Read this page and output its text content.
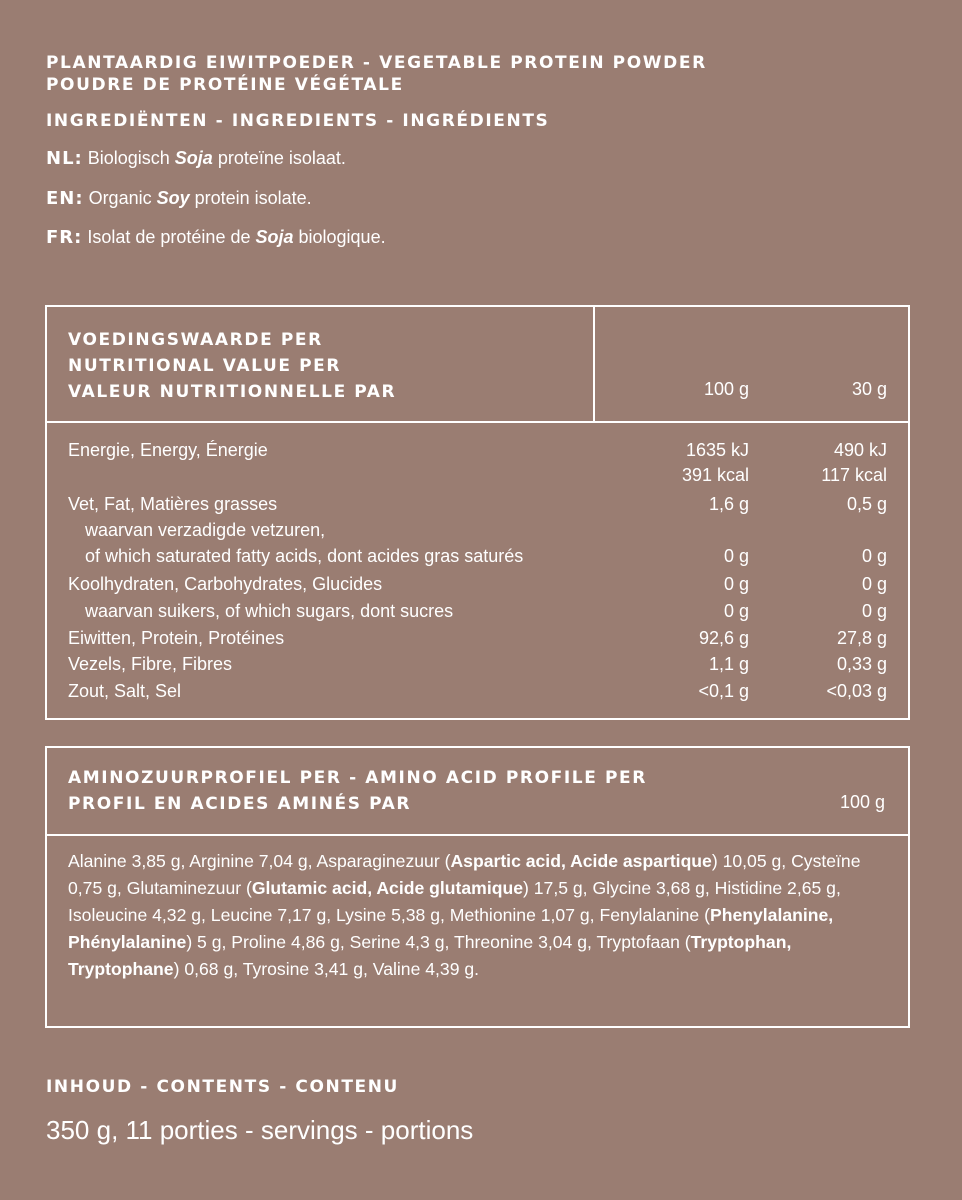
PLANTAARDIG EIWITPOEDER - VEGETABLE PROTEIN POWDER
POUDRE DE PROTÉINE VÉGÉTALE
INGREDIËNTEN - INGREDIENTS - INGRÉDIENTS
NL: Biologisch Soja proteïne isolaat.
EN: Organic Soy protein isolate.
FR: Isolat de protéine de Soja biologique.
VOEDINGSWAARDE PER
NUTRITIONAL VALUE PER
VALEUR NUTRITIONNELLE PAR	100 g	30 g
Energie, Energy, Énergie	1635 kJ	490 kJ
391 kcal	117 kcal
Vet, Fat, Matières grasses	1,6 g	0,5 g
waarvan verzadigde vetzuren,
of which saturated fatty acids, dont acides gras saturés	0 g	0 g
Koolhydraten, Carbohydrates, Glucides	0 g	0 g
waarvan suikers, of which sugars, dont sucres	0 g	0 g
Eiwitten, Protein, Protéines	92,6 g	27,8 g
Vezels, Fibre, Fibres	1,1 g	0,33 g
Zout, Salt, Sel	<0,1 g	<0,03 g
AMINOZUURPROFIEL PER - AMINO ACID PROFILE PER
PROFIL EN ACIDES AMINÉS PAR	100 g
Alanine 3,85 g, Arginine 7,04 g, Asparaginezuur (Aspartic acid, Acide aspartique) 10,05 g, Cysteïne 0,75 g, Glutaminezuur (Glutamic acid, Acide glutamique) 17,5 g, Glycine 3,68 g, Histidine 2,65 g, Isoleucine 4,32 g, Leucine 7,17 g, Lysine 5,38 g, Methionine 1,07 g, Fenylalanine (Phenylalanine, Phénylalanine) 5 g, Proline 4,86 g, Serine 4,3 g, Threonine 3,04 g, Tryptofaan (Tryptophan, Tryptophane) 0,68 g, Tyrosine 3,41 g, Valine 4,39 g.
INHOUD - CONTENTS - CONTENU
350 g, 11 porties - servings - portions
